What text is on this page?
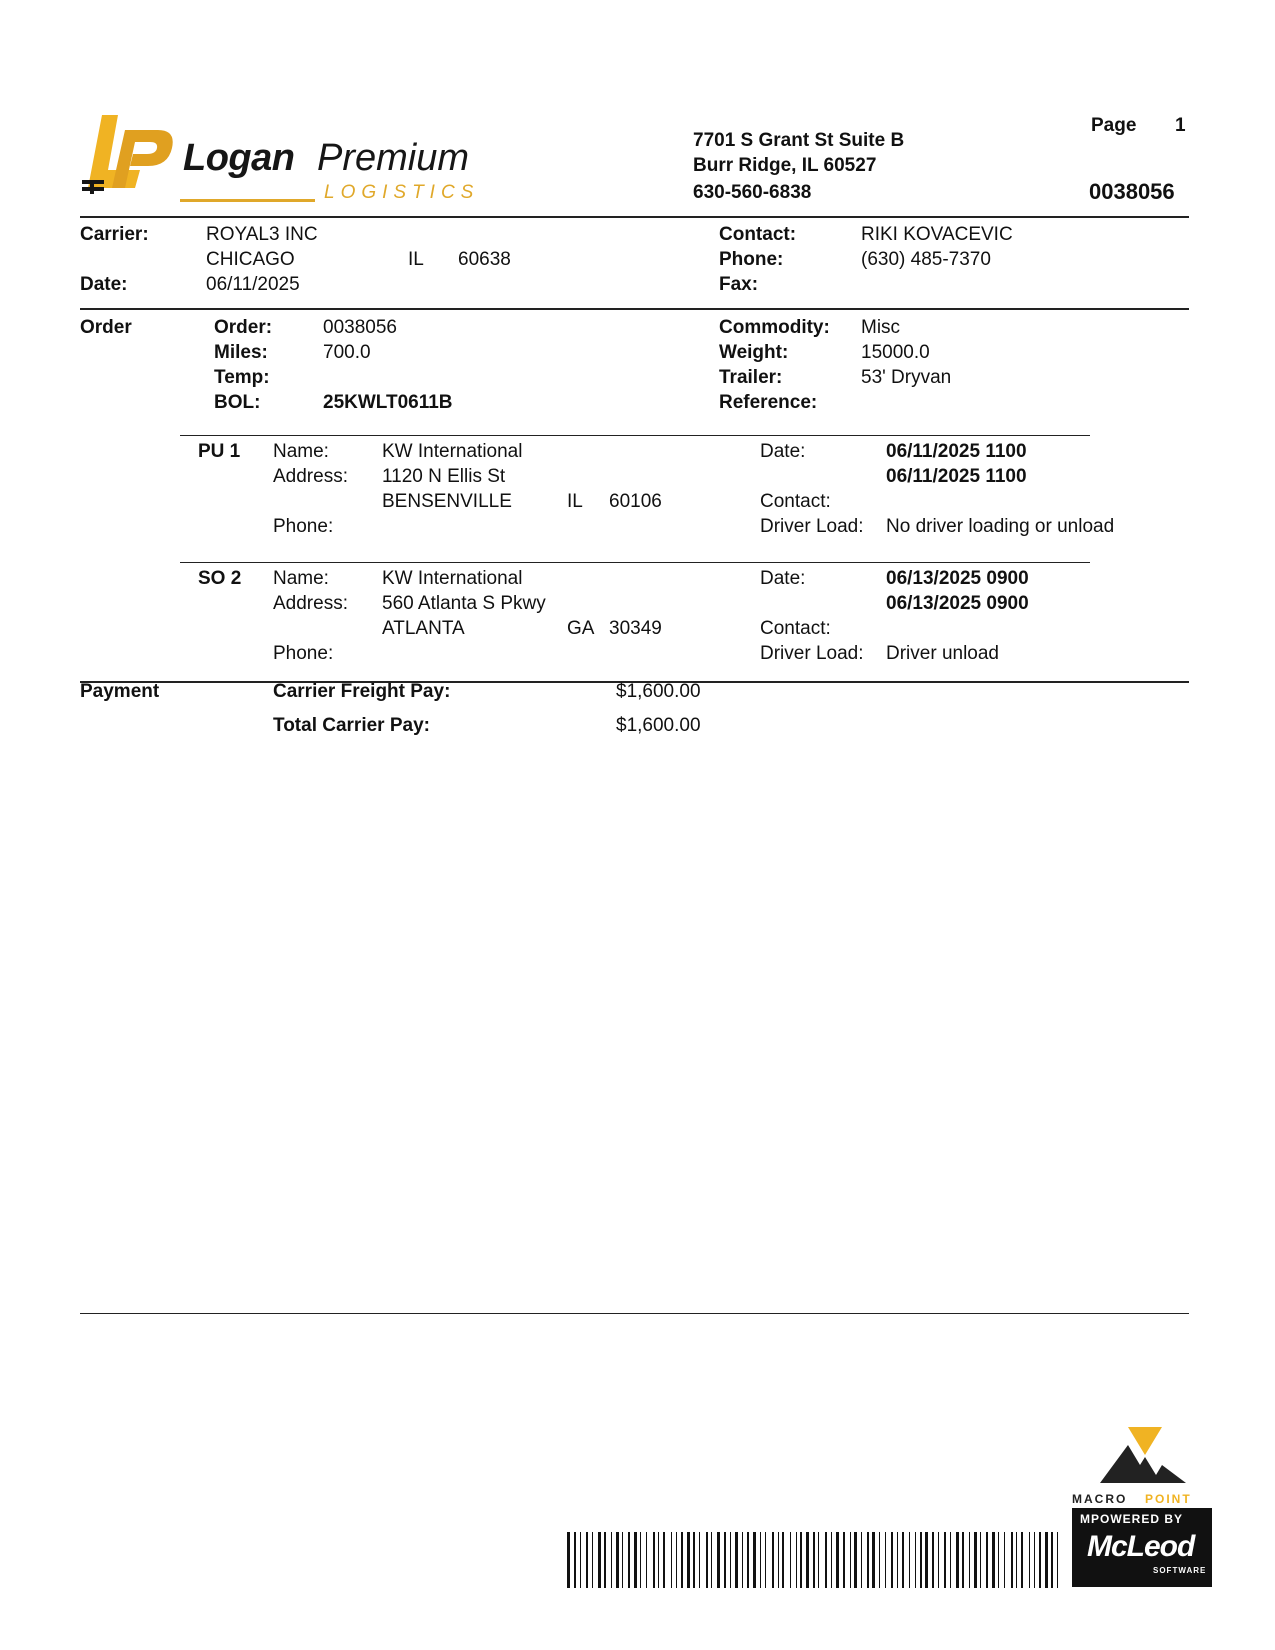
Logan Premium
LOGISTICS
7701 S Grant St Suite B
Burr Ridge, IL 60527
630-560-6838
Page 1
0038056
Carrier:	ROYAL3 INC
CHICAGO	IL 60638
Date:	06/11/2025
Contact:	RIKI KOVACEVIC
Phone:	(630) 485-7370
Fax:
Order	Order:	0038056
Miles:	700.0
Temp:
BOL:	25KWLT0611B
Commodity: Misc
Weight:	15000.0
Trailer:	53' Dryvan
Reference:
PU 1 Name:	KW International
Address: 1120 N Ellis St
BENSENVILLE	IL 60106
Phone:
Date:	06/11/2025 1100
06/11/2025 1100
Contact:
Driver Load: No driver loading or unload
SO 2 Name:	KW International
Address: 560 Atlanta S Pkwy
ATLANTA	GA 30349
Phone:
Date:	06/13/2025 0900
06/13/2025 0900
Contact:
Driver Load: Driver unload
Payment	Carrier Freight Pay:	$1,600.00
Total Carrier Pay:	$1,600.00
MACRO POINT
MPOWERED BY
McLeod
SOFTWARE
